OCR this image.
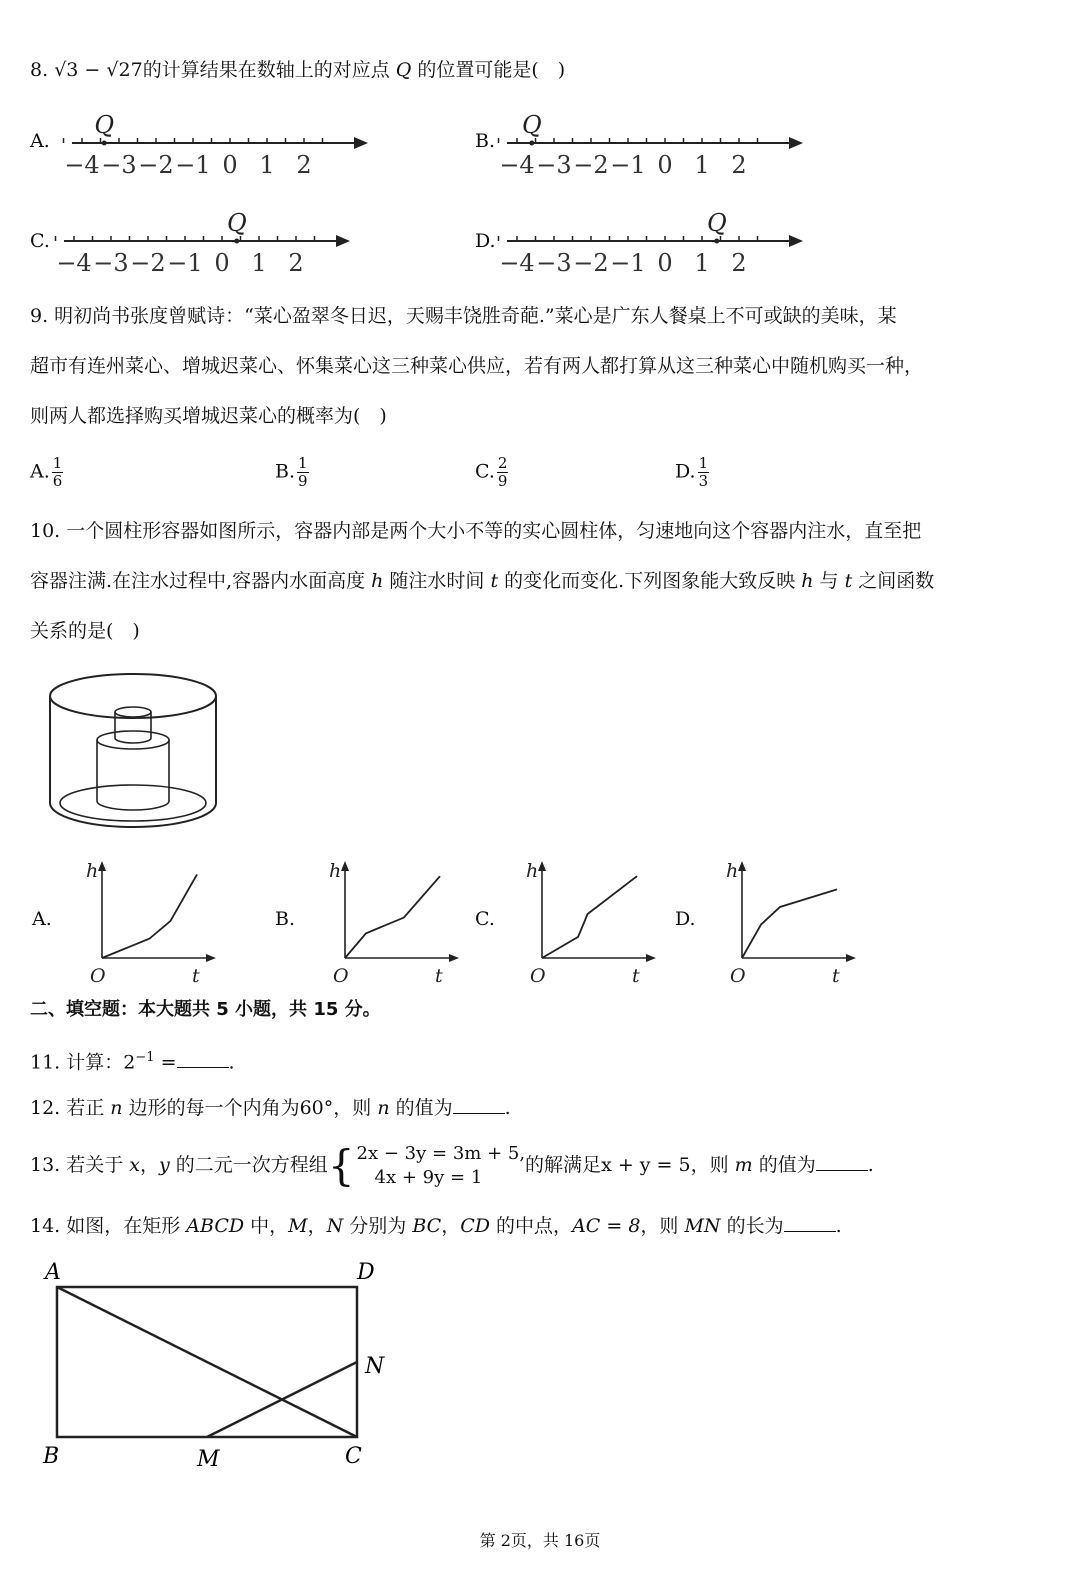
8. √3 − √27的计算结果在数轴上的对应点 Q 的位置可能是(　)
A.	B.
C.	D.
−4 −3 −2 −1 0 1 2
Q
−4 −3 −2 −1 0 1 2
Q
−4 −3 −2 −1 0 1 2
Q
−4 −3 −2 −1 0 1 2
Q
9. 明初尚书张度曾赋诗：“菜心盈翠冬日迟，天赐丰饶胜奇葩.”菜心是广东人餐桌上不可或缺的美味，某
超市有连州菜心、增城迟菜心、怀集菜心这三种菜心供应，若有两人都打算从这三种菜心中随机购买一种，
则两人都选择购买增城迟菜心的概率为(　)
A. $\frac{1}{6}$	B. $\frac{1}{9}$	C. $\frac{2}{9}$	D. $\frac{1}{3}$
10. 一个圆柱形容器如图所示，容器内部是两个大小不等的实心圆柱体，匀速地向这个容器内注水，直至把
容器注满.在注水过程中,容器内水面高度 h 随注水时间 t 的变化而变化.下列图象能大致反映 h 与 t 之间函数
关系的是(　)
A.	B.	C.	D.
h
t
O
h
t
O
h
t
O
h
t
O
二、填空题：本大题共 5 小题，共 15 分。
11. 计算：$2^{-1}$ =	.
12. 若正 n 边形的每一个内角为60°，则 n 的值为	.
13. 若关于 x，y 的二元一次方程组 { 2x − 3y = 3m + 5,
4x + 9y = 1
的解满足x + y = 5，则 m 的值为	.
14. 如图，在矩形 ABCD 中，M，N 分别为 BC，CD 的中点，AC = 8，则 MN 的长为	.
A	D
N
B	M	C
第 2页，共 16页
